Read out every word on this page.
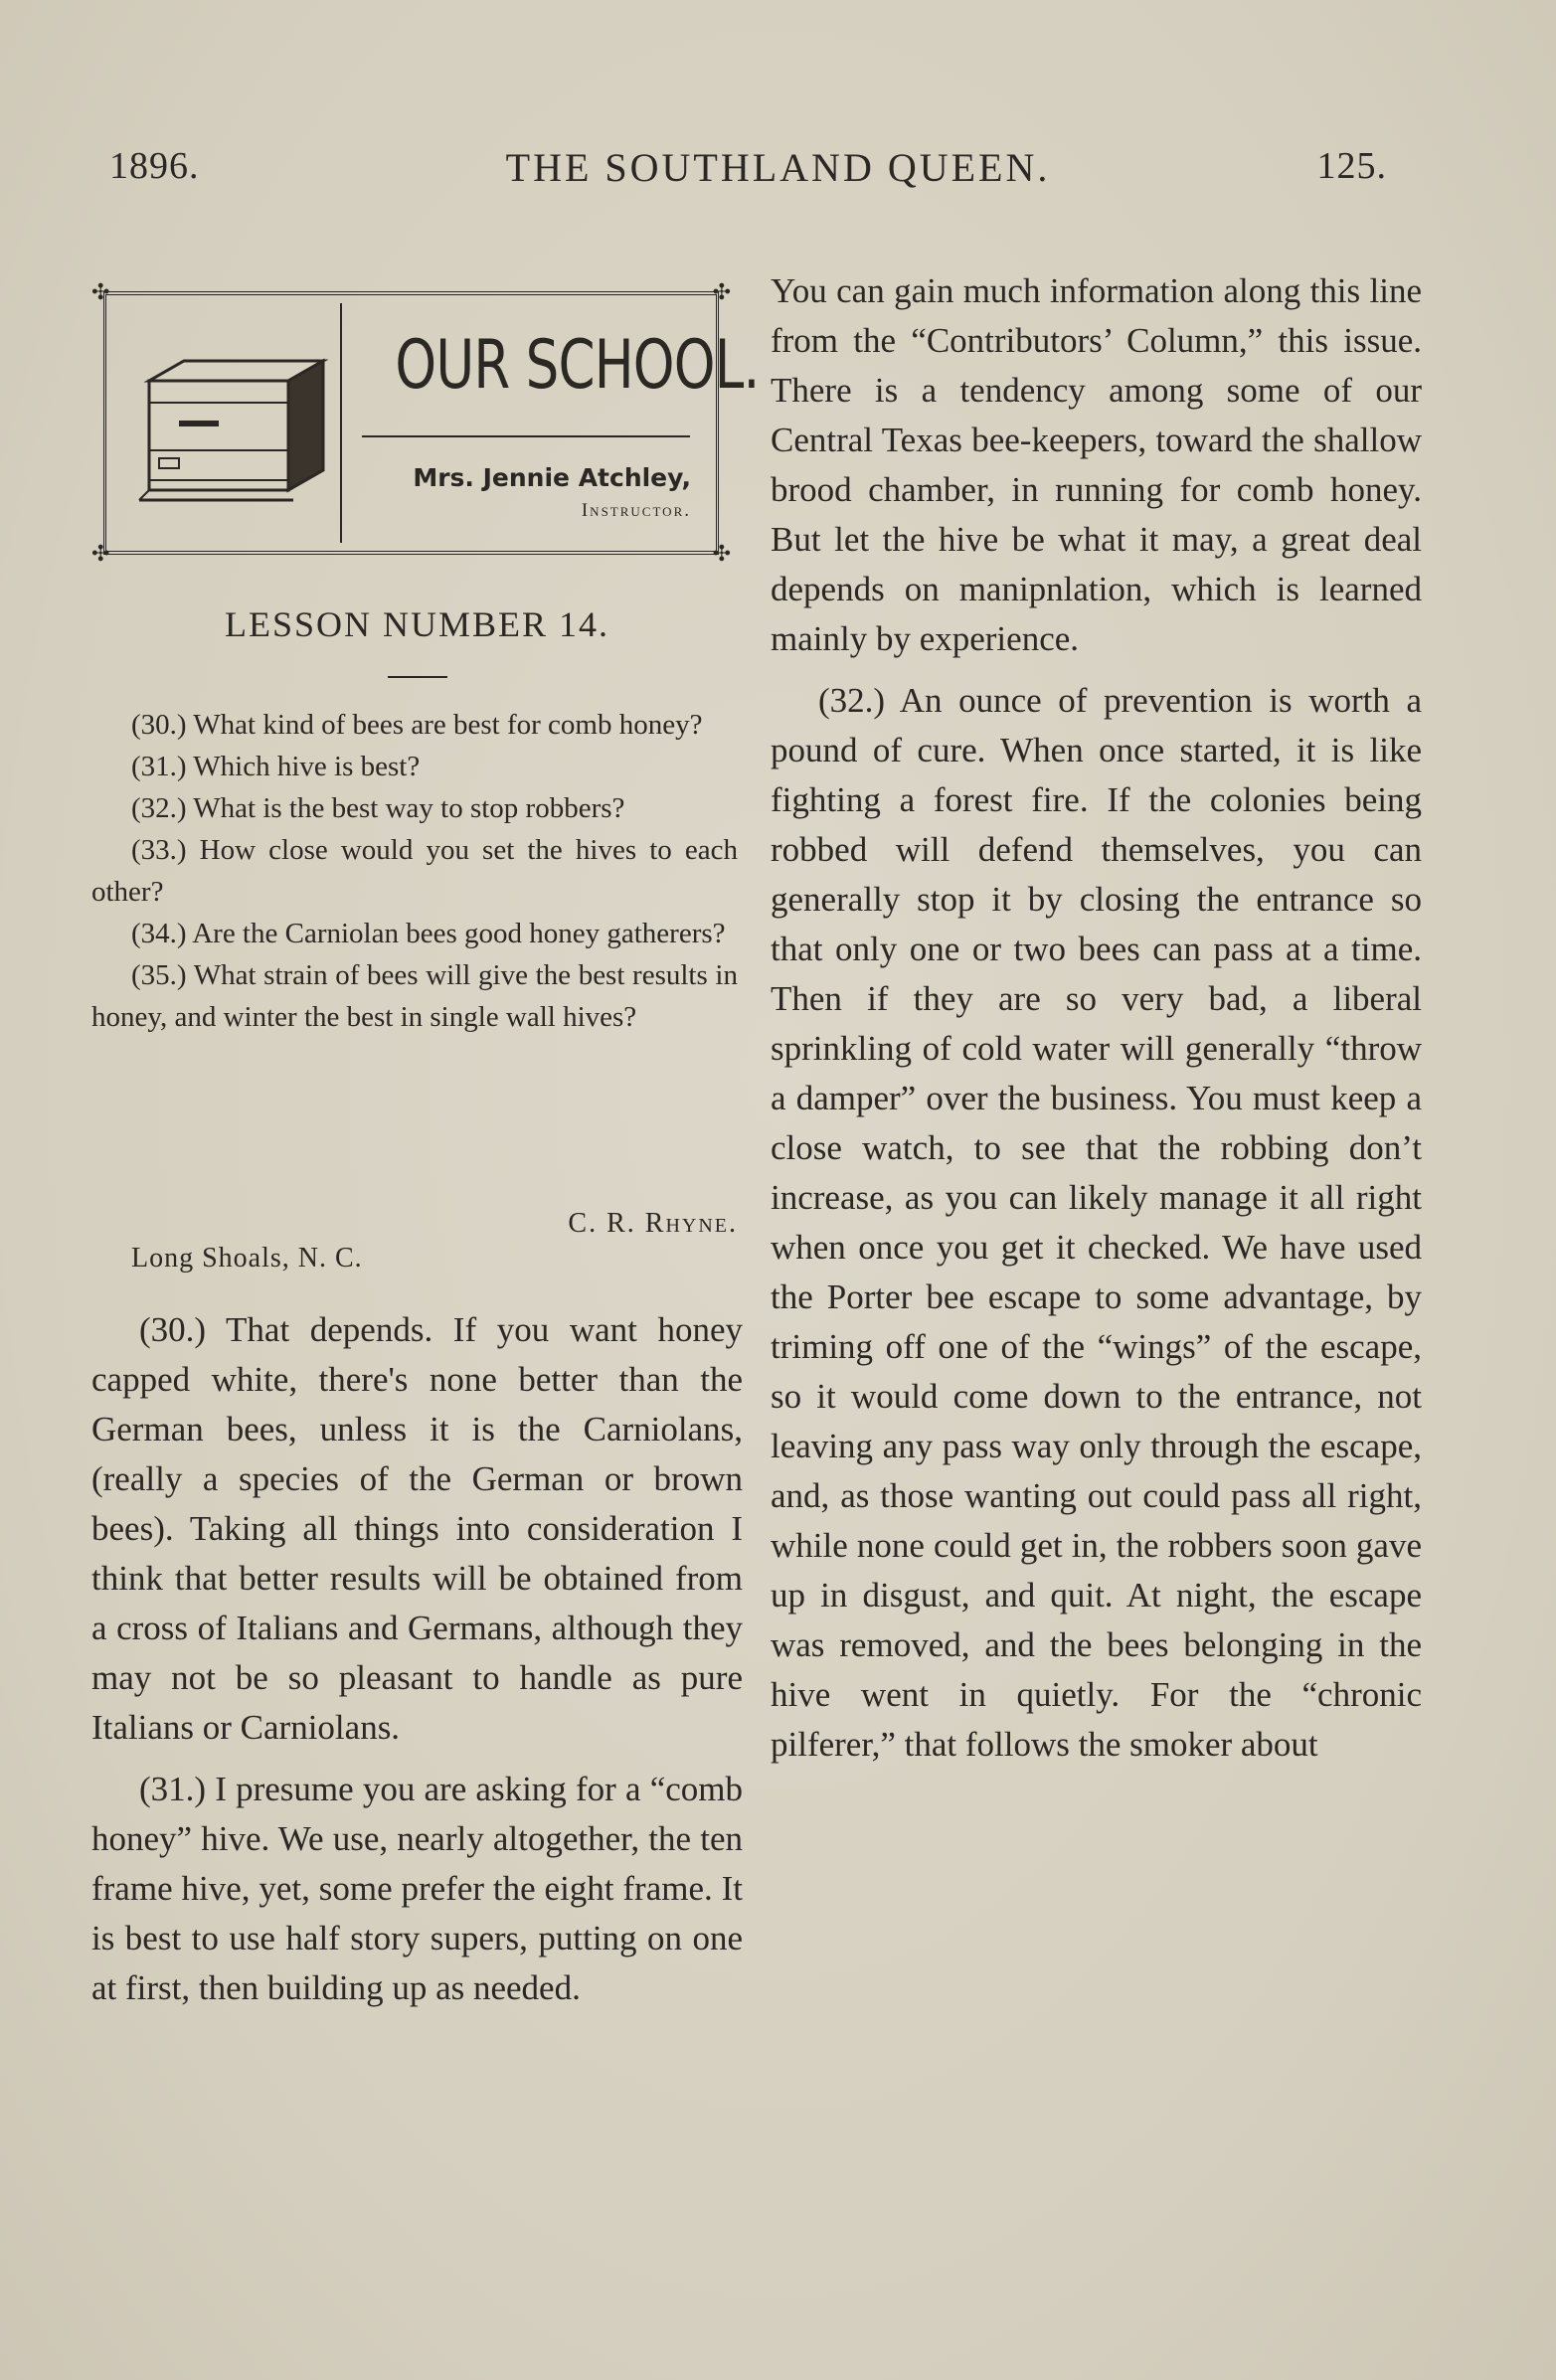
1896.	THE SOUTHLAND QUEEN.	125.
✣	✣
✣	✣
OUR SCHOOL.
Mrs. Jennie Atchley,
Instructor.
LESSON NUMBER 14.

(30.) What kind of bees are best for comb honey?

(31.) Which hive is best?

(32.) What is the best way to stop robbers?

(33.) How close would you set the hives to each other?

(34.) Are the Carniolan bees good honey gatherers?

(35.) What strain of bees will give the best results in honey, and winter the best in single wall hives?

C. R. Rhyne.
Long Shoals, N. C.

(30.) That depends. If you want honey capped white, there's none better than the German bees, unless it is the Carniolans, (really a species of the German or brown bees). Taking all things into consideration I think that better results will be obtained from a cross of Italians and Germans, although they may not be so pleasant to handle as pure Italians or Carniolans.

(31.) I presume you are asking for a “comb honey” hive. We use, nearly altogether, the ten frame hive, yet, some prefer the eight frame. It is best to use half story supers, putting on one at first, then building up as needed.

You can gain much information along this line from the “Contributors’ Column,” this issue. There is a tendency among some of our Central Texas bee-keepers, toward the shallow brood chamber, in running for comb honey. But let the hive be what it may, a great deal depends on manipnlation, which is learned mainly by experience.

(32.) An ounce of prevention is worth a pound of cure. When once started, it is like fighting a forest fire. If the colonies being robbed will defend themselves, you can generally stop it by closing the entrance so that only one or two bees can pass at a time. Then if they are so very bad, a liberal sprinkling of cold water will generally “throw a damper” over the business. You must keep a close watch, to see that the robbing don’t increase, as you can likely manage it all right when once you get it checked. We have used the Porter bee escape to some advantage, by triming off one of the “wings” of the escape, so it would come down to the entrance, not leaving any pass way only through the escape, and, as those wanting out could pass all right, while none could get in, the robbers soon gave up in disgust, and quit. At night, the escape was removed, and the bees belonging in the hive went in quietly. For the “chronic pilferer,” that follows the smoker about
